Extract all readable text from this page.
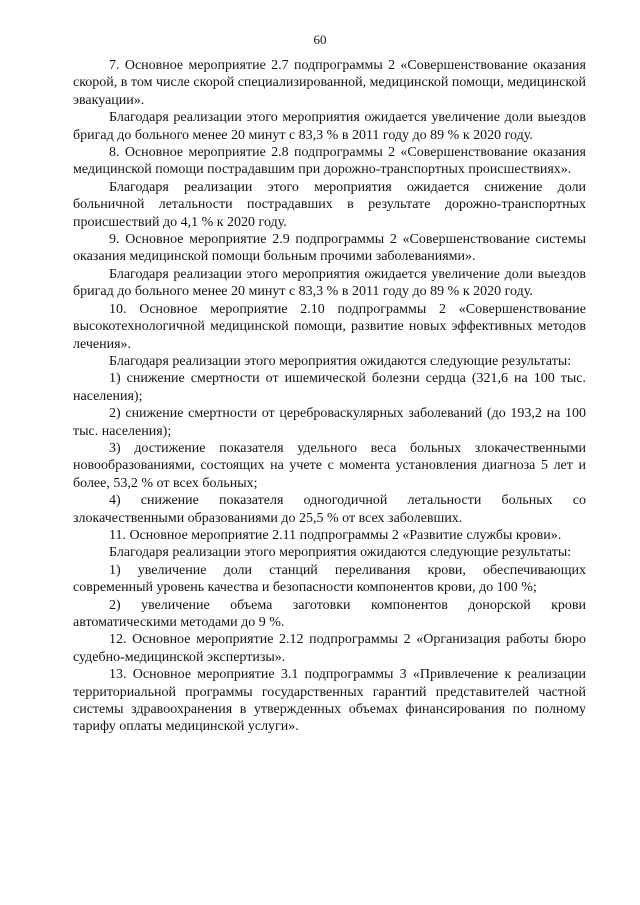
60

7. Основное мероприятие 2.7 подпрограммы 2 «Совершенствование оказания скорой, в том числе скорой специализированной, медицинской помощи, медицинской эвакуации».

Благодаря реализации этого мероприятия ожидается увеличение доли выездов бригад до больного менее 20 минут с 83,3 % в 2011 году до 89 % к 2020 году.

8. Основное мероприятие 2.8 подпрограммы 2 «Совершенствование оказания медицинской помощи пострадавшим при дорожно-транспортных происшествиях».

Благодаря реализации этого мероприятия ожидается снижение доли больничной летальности пострадавших в результате дорожно-транспортных происшествий до 4,1 % к 2020 году.

9. Основное мероприятие 2.9 подпрограммы 2 «Совершенствование системы оказания медицинской помощи больным прочими заболеваниями».

Благодаря реализации этого мероприятия ожидается увеличение доли выездов бригад до больного менее 20 минут с 83,3 % в 2011 году до 89 % к 2020 году.

10. Основное мероприятие 2.10 подпрограммы 2 «Совершенствование высокотехнологичной медицинской помощи, развитие новых эффективных методов лечения».

Благодаря реализации этого мероприятия ожидаются следующие результаты:

1) снижение смертности от ишемической болезни сердца (321,6 на 100 тыс. населения);

2) снижение смертности от цереброваскулярных заболеваний (до 193,2 на 100 тыс. населения);

3) достижение показателя удельного веса больных злокачественными новообразованиями, состоящих на учете с момента установления диагноза 5 лет и более, 53,2 % от всех больных;

4) снижение показателя одногодичной летальности больных со злокачественными образованиями до 25,5 % от всех заболевших.

11. Основное мероприятие 2.11 подпрограммы 2 «Развитие службы крови».

Благодаря реализации этого мероприятия ожидаются следующие результаты:

1) увеличение доли станций переливания крови, обеспечивающих современный уровень качества и безопасности компонентов крови, до 100 %;

2) увеличение объема заготовки компонентов донорской крови автоматическими методами до 9 %.

12. Основное мероприятие 2.12 подпрограммы 2 «Организация работы бюро судебно-медицинской экспертизы».

13. Основное мероприятие 3.1 подпрограммы 3 «Привлечение к реализации территориальной программы государственных гарантий представителей частной системы здравоохранения в утвержденных объемах финансирования по полному тарифу оплаты медицинской услуги».
